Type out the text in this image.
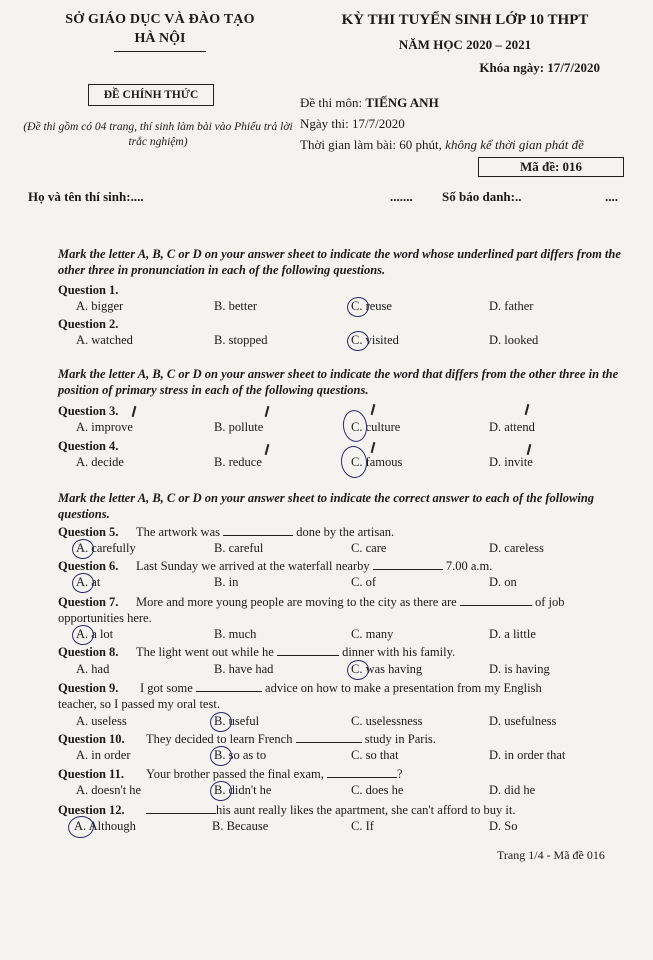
SỞ GIÁO DỤC VÀ ĐÀO TẠO
HÀ NỘI
ĐỀ CHÍNH THỨC
(Đề thi gồm có 04 trang, thí sinh làm bài vào Phiếu trả lời trắc nghiệm)
KỲ THI TUYỂN SINH LỚP 10 THPT
NĂM HỌC 2020 – 2021
Khóa ngày: 17/7/2020
Đề thi môn: TIẾNG ANH
Ngày thi: 17/7/2020
Thời gian làm bài: 60 phút, không kể thời gian phát đề
Mã đề: 016
Họ và tên thí sinh:....	....... Số báo danh:..	....
Mark the letter A, B, C or D on your answer sheet to indicate the word whose underlined part differs from the other three in pronunciation in each of the following questions.
Question 1.
A. bigger	B. better	C. reuse	D. father
Question 2.
A. watched	B. stopped	C. visited	D. looked
Mark the letter A, B, C or D on your answer sheet to indicate the word that differs from the other three in the position of primary stress in each of the following questions.
Question 3.
A. improve	B. pollute	C. culture	D. attend
Question 4.
A. decide	B. reduce	C. famous	D. invite
Mark the letter A, B, C or D on your answer sheet to indicate the correct answer to each of the following questions.
Question 5. The artwork was	done by the artisan.
A. carefully	B. careful	C. care	D. careless
Question 6. Last Sunday we arrived at the waterfall nearby	7.00 a.m.
A. at	B. in	C. of	D. on
Question 7. More and more young people are moving to the city as there are	of job
opportunities here.
A. a lot	B. much	C. many	D. a little
Question 8. The light went out while he	dinner with his family.
A. had	B. have had	C. was having	D. is having
Question 9. I got some	advice on how to make a presentation from my English
teacher, so I passed my oral test.
A. useless	B. useful	C. uselessness	D. usefulness
Question 10. They decided to learn French	study in Paris.
A. in order	B. so as to	C. so that	D. in order that
Question 11. Your brother passed the final exam,	?
A. doesn't he	B. didn't he	C. does he	D. did he
Question 12.	his aunt really likes the apartment, she can't afford to buy it.
A. Although	B. Because	C. If	D. So
Trang 1/4 - Mã đề 016
